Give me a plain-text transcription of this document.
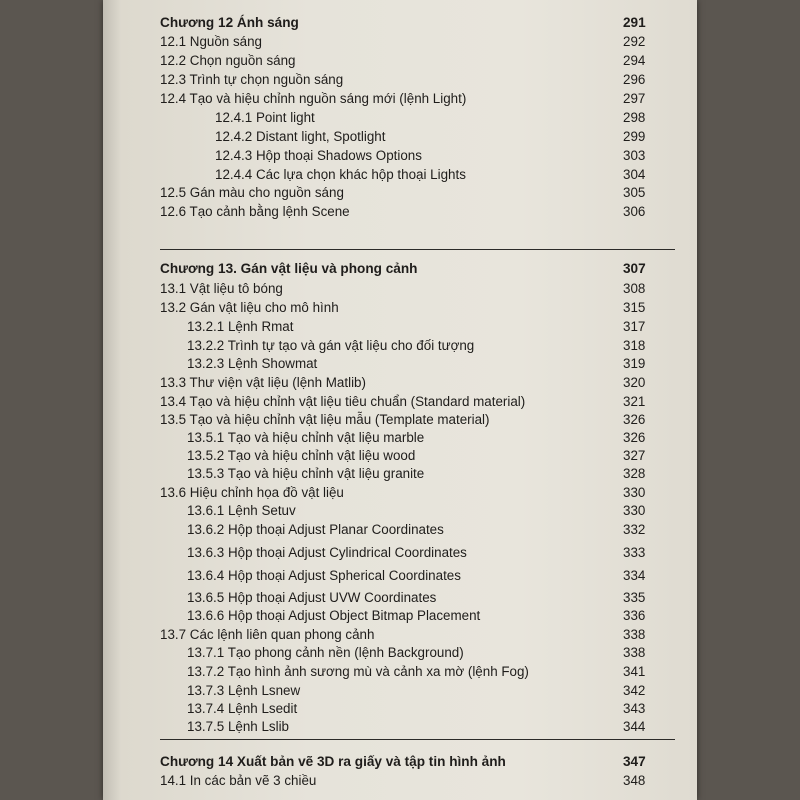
Chương 12 Ánh sáng	291
12.1 Nguồn sáng	292
12.2 Chọn nguồn sáng	294
12.3 Trình tự chọn nguồn sáng	296
12.4 Tạo và hiệu chỉnh nguồn sáng mới (lệnh Light)	297
12.4.1 Point light	298
12.4.2 Distant light, Spotlight	299
12.4.3 Hộp thoại Shadows Options	303
12.4.4 Các lựa chọn khác hộp thoại Lights	304
12.5 Gán màu cho nguồn sáng	305
12.6 Tạo cảnh bằng lệnh Scene	306
Chương 13. Gán vật liệu và phong cảnh	307
13.1 Vật liệu tô bóng	308
13.2 Gán vật liệu cho mô hình	315
13.2.1 Lệnh Rmat	317
13.2.2 Trình tự tạo và gán vật liệu cho đối tượng	318
13.2.3 Lệnh Showmat	319
13.3 Thư viện vật liệu (lệnh Matlib)	320
13.4 Tạo và hiệu chỉnh vật liệu tiêu chuẩn (Standard material)	321
13.5 Tạo và hiệu chỉnh vật liệu mẫu (Template material)	326
13.5.1 Tạo và hiệu chỉnh vật liệu marble	326
13.5.2 Tạo và hiệu chỉnh vật liệu wood	327
13.5.3 Tạo và hiệu chỉnh vật liệu granite	328
13.6 Hiệu chỉnh họa đồ vật liệu	330
13.6.1 Lệnh Setuv	330
13.6.2 Hộp thoại Adjust Planar Coordinates	332
13.6.3 Hộp thoại Adjust Cylindrical Coordinates	333
13.6.4 Hộp thoại Adjust Spherical Coordinates	334
13.6.5 Hộp thoại Adjust UVW Coordinates	335
13.6.6 Hộp thoại Adjust Object Bitmap Placement	336
13.7 Các lệnh liên quan phong cảnh	338
13.7.1 Tạo phong cảnh nền (lệnh Background)	338
13.7.2 Tạo hình ảnh sương mù và cảnh xa mờ (lệnh Fog)	341
13.7.3 Lệnh Lsnew	342
13.7.4 Lệnh Lsedit	343
13.7.5 Lệnh Lslib	344
Chương 14 Xuất bản vẽ 3D ra giấy và tập tin hình ảnh	347
14.1 In các bản vẽ 3 chiều	348
